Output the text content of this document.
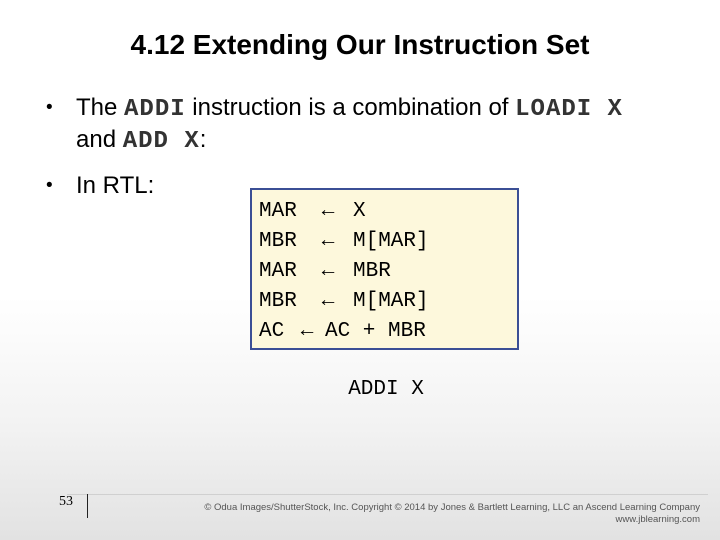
4.12 Extending Our Instruction Set
• The ADDI instruction is a combination of LOADI X
and ADD X:
• In RTL:
MAR ← X
MBR ← M[MAR]
MAR ← MBR
MBR ← M[MAR]
AC ← AC + MBR
ADDI X
53	© Odua Images/ShutterStock, Inc. Copyright © 2014 by Jones & Bartlett Learning, LLC an Ascend Learning Company
www.jblearning.com
